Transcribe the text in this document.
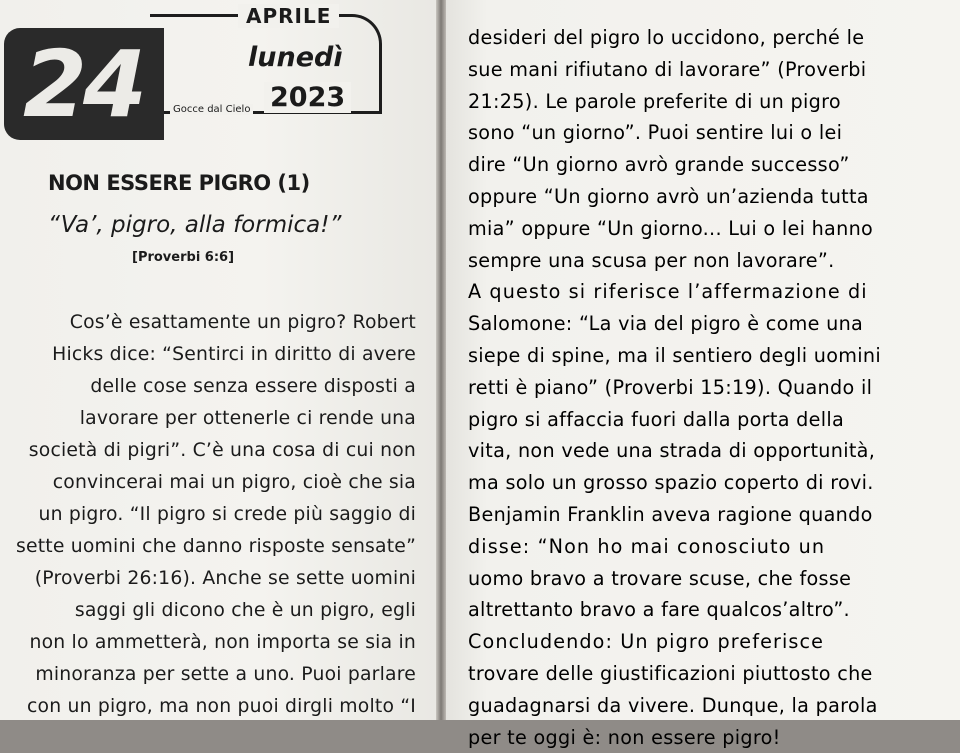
APRILE
lunedì
2023
Gocce dal Cielo
24
NON ESSERE PIGRO (1)
“Va’, pigro, alla formica!”
[Proverbi 6:6]
Cos’è esattamente un pigro? Robert
Hicks dice: “Sentirci in diritto di avere
delle cose senza essere disposti a
lavorare per ottenerle ci rende una
società di pigri”. C’è una cosa di cui non
convincerai mai un pigro, cioè che sia
un pigro. “Il pigro si crede più saggio di
sette uomini che danno risposte sensate”
(Proverbi 26:16). Anche se sette uomini
saggi gli dicono che è un pigro, egli
non lo ammetterà, non importa se sia in
minoranza per sette a uno. Puoi parlare
con un pigro, ma non puoi dirgli molto “I
desideri del pigro lo uccidono, perché le
sue mani rifiutano di lavorare” (Proverbi
21:25). Le parole preferite di un pigro
sono “un giorno”. Puoi sentire lui o lei
dire “Un giorno avrò grande successo”
oppure “Un giorno avrò un’azienda tutta
mia” oppure “Un giorno... Lui o lei hanno
sempre una scusa per non lavorare”.
A questo si riferisce l’affermazione di
Salomone: “La via del pigro è come una
siepe di spine, ma il sentiero degli uomini
retti è piano” (Proverbi 15:19). Quando il
pigro si affaccia fuori dalla porta della
vita, non vede una strada di opportunità,
ma solo un grosso spazio coperto di rovi.
Benjamin Franklin aveva ragione quando
disse: “Non ho mai conosciuto un
uomo bravo a trovare scuse, che fosse
altrettanto bravo a fare qualcos’altro”.
Concludendo: Un pigro preferisce
trovare delle giustificazioni piuttosto che
guadagnarsi da vivere. Dunque, la parola
per te oggi è: non essere pigro!
